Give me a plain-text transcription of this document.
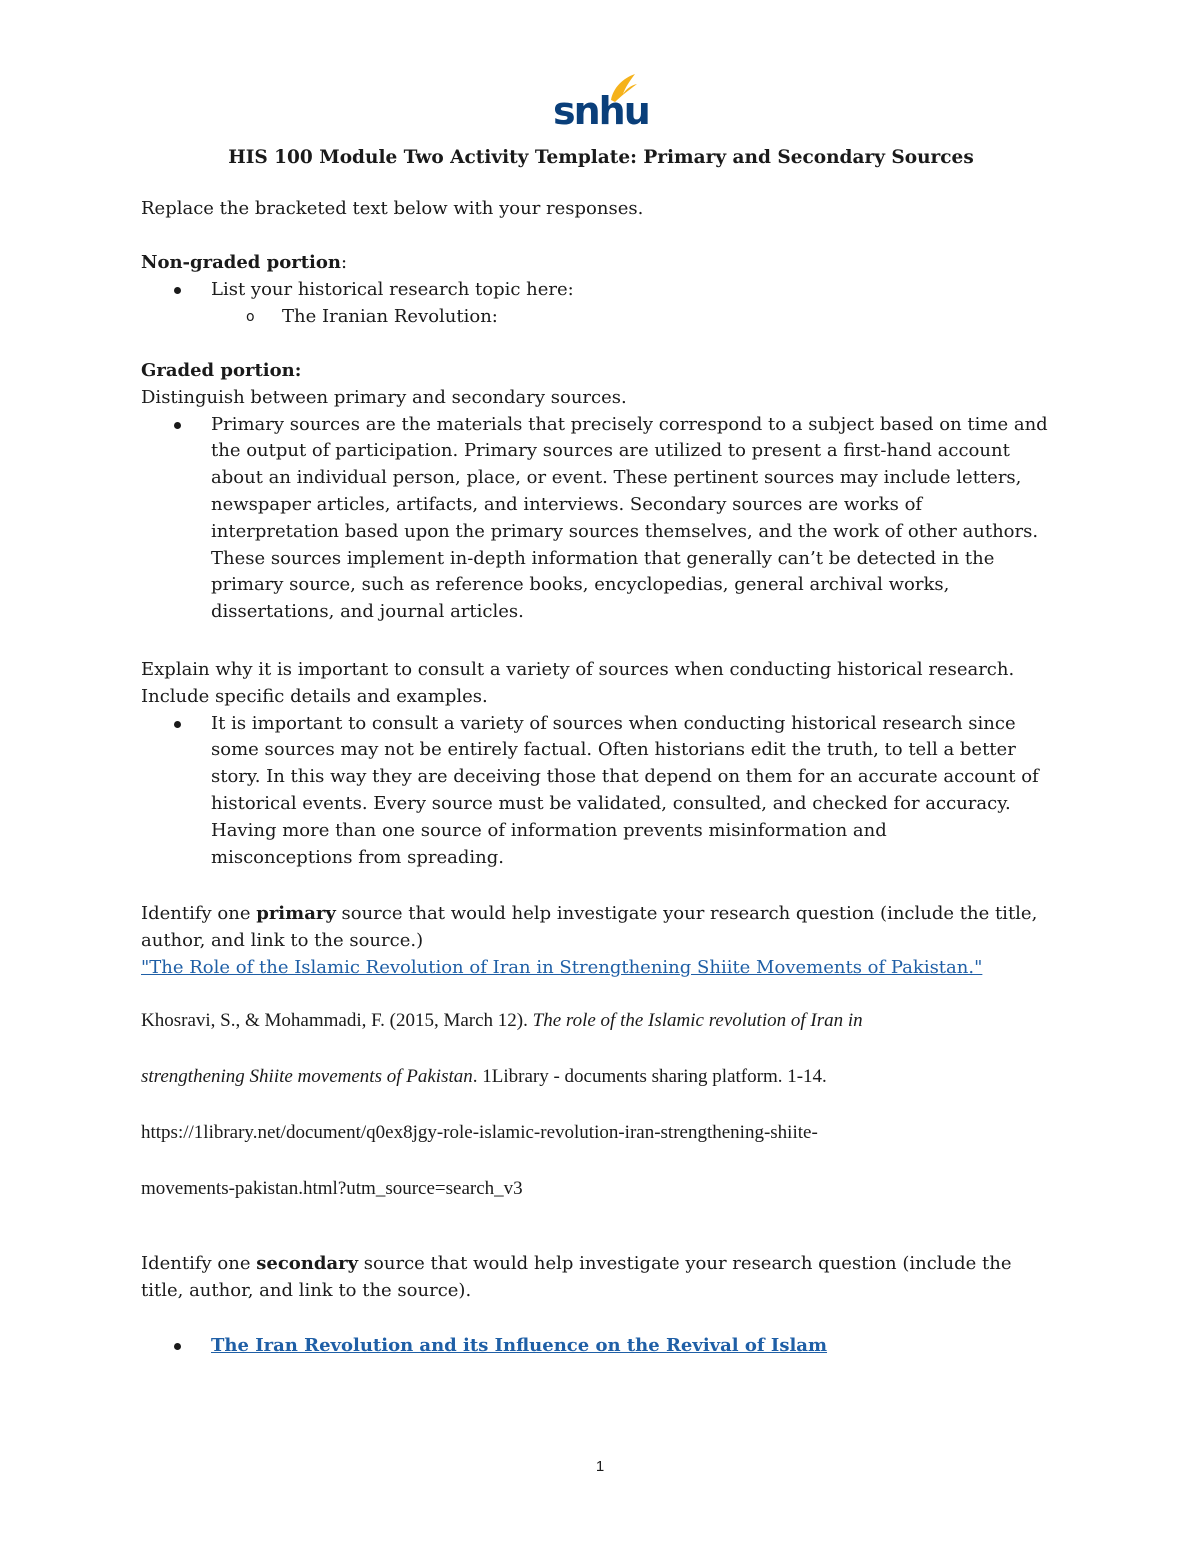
snhu
HIS 100 Module Two Activity Template: Primary and Secondary Sources

Replace the bracketed text below with your responses.

Non-graded portion:

List your historical research topic here:
o The Iranian Revolution:

Graded portion:

Distinguish between primary and secondary sources.

Primary sources are the materials that precisely correspond to a subject based on time and
the output of participation. Primary sources are utilized to present a first-hand account
about an individual person, place, or event. These pertinent sources may include letters,
newspaper articles, artifacts, and interviews. Secondary sources are works of
interpretation based upon the primary sources themselves, and the work of other authors.
These sources implement in-depth information that generally can’t be detected in the
primary source, such as reference books, encyclopedias, general archival works,
dissertations, and journal articles.
Explain why it is important to consult a variety of sources when conducting historical research.
Include specific details and examples.
It is important to consult a variety of sources when conducting historical research since
some sources may not be entirely factual. Often historians edit the truth, to tell a better
story. In this way they are deceiving those that depend on them for an accurate account of
historical events. Every source must be validated, consulted, and checked for accuracy.
Having more than one source of information prevents misinformation and
misconceptions from spreading.

Identify one primary source that would help investigate your research question (include the title,

author, and link to the source.)

"The Role of the Islamic Revolution of Iran in Strengthening Shiite Movements of Pakistan."

Khosravi, S., & Mohammadi, F. (2015, March 12). The role of the Islamic revolution of Iran in
strengthening Shiite movements of Pakistan. 1Library - documents sharing platform. 1-14.
https://1library.net/document/q0ex8jgy-role-islamic-revolution-iran-strengthening-shiite-
movements-pakistan.html?utm_source=search_v3

Identify one secondary source that would help investigate your research question (include the

title, author, and link to the source).

The Iran Revolution and its Influence on the Revival of Islam
1
